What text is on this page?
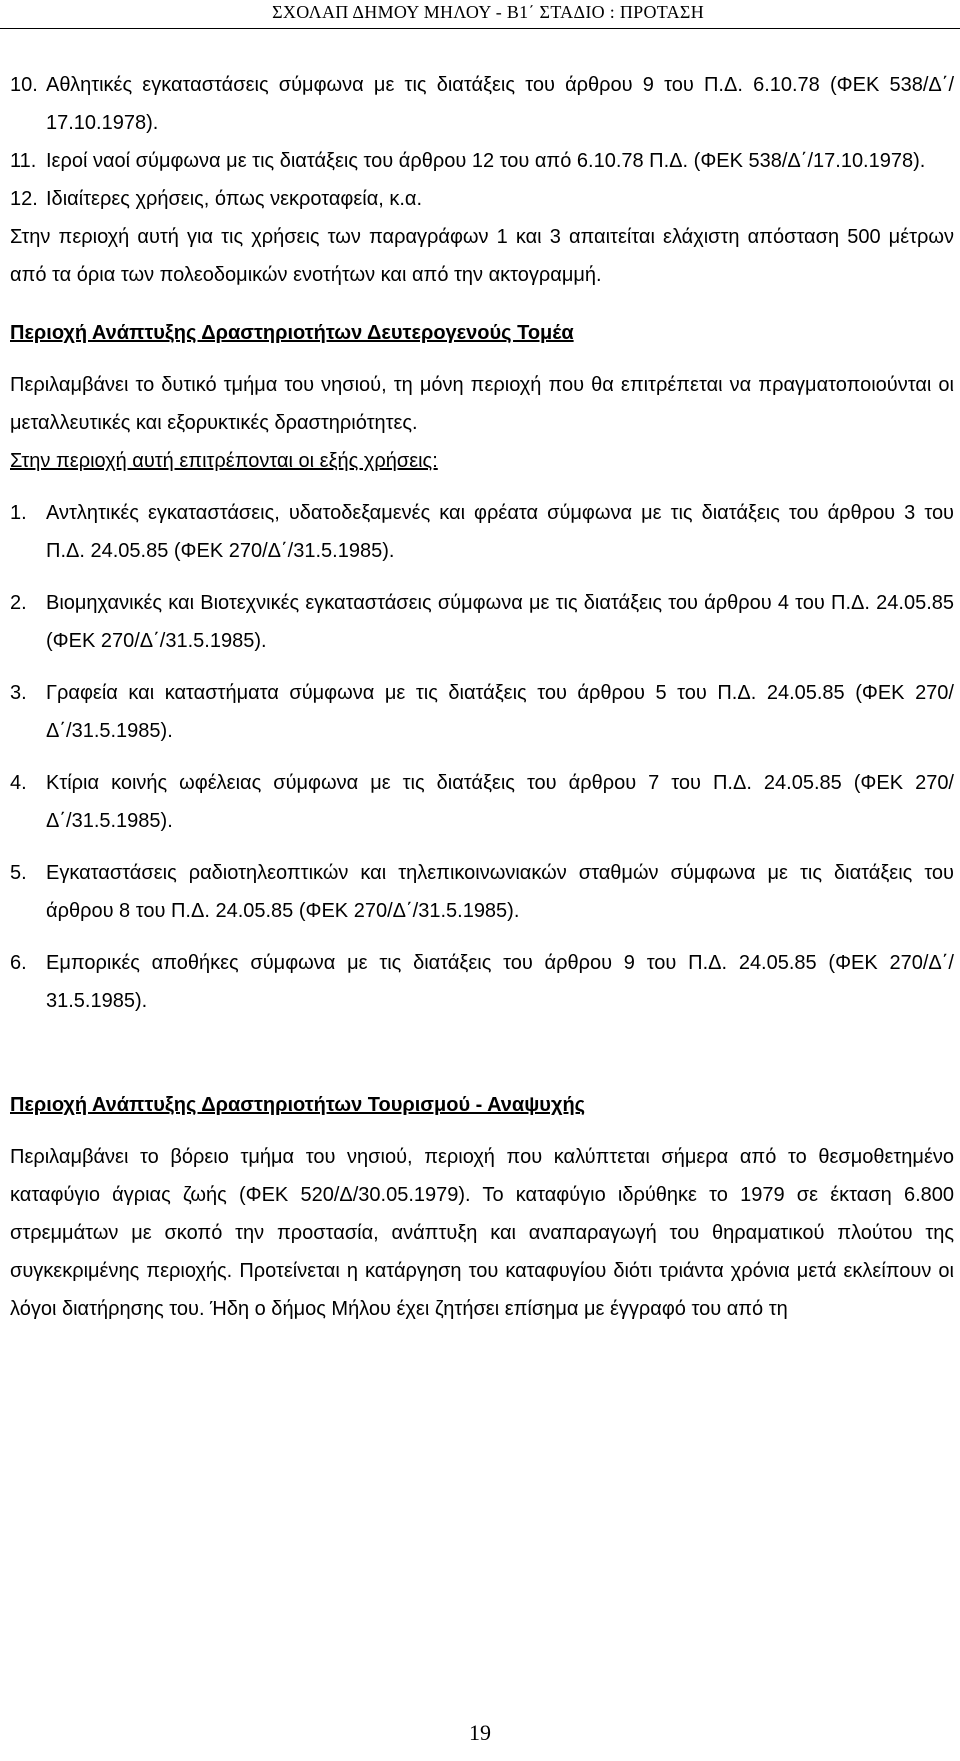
ΣΧΟΛΑΠ ΔΗΜΟΥ ΜΗΛΟΥ - Β1΄ ΣΤΑΔΙΟ : ΠΡΟΤΑΣΗ
10. Αθλητικές εγκαταστάσεις σύμφωνα με τις διατάξεις του άρθρου 9 του Π.Δ. 6.10.78 (ΦΕΚ 538/Δ΄/ 17.10.1978).
11. Ιεροί ναοί σύμφωνα με τις διατάξεις του άρθρου 12 του από 6.10.78 Π.Δ. (ΦΕΚ 538/Δ΄/17.10.1978).
12. Ιδιαίτερες χρήσεις, όπως νεκροταφεία, κ.α.

Στην περιοχή αυτή για τις χρήσεις των παραγράφων 1 και 3 απαιτείται ελάχιστη απόσταση 500 μέτρων από τα όρια των πολεοδομικών ενοτήτων και από την ακτογραμμή.

Περιοχή Ανάπτυξης Δραστηριοτήτων Δευτερογενούς Τομέα

Περιλαμβάνει το δυτικό τμήμα του νησιού, τη μόνη περιοχή που θα επιτρέπεται να πραγματοποιούνται οι μεταλλευτικές και εξορυκτικές δραστηριότητες.

Στην περιοχή αυτή επιτρέπονται οι εξής χρήσεις:

1. Αντλητικές εγκαταστάσεις, υδατοδεξαμενές και φρέατα σύμφωνα με τις διατάξεις του άρθρου 3 του Π.Δ. 24.05.85 (ΦΕΚ 270/Δ΄/31.5.1985).
2. Βιομηχανικές και Βιοτεχνικές εγκαταστάσεις σύμφωνα με τις διατάξεις του άρθρου 4 του Π.Δ. 24.05.85 (ΦΕΚ 270/Δ΄/31.5.1985).
3. Γραφεία και καταστήματα σύμφωνα με τις διατάξεις του άρθρου 5 του Π.Δ. 24.05.85 (ΦΕΚ 270/Δ΄/31.5.1985).
4. Κτίρια κοινής ωφέλειας σύμφωνα με τις διατάξεις του άρθρου 7 του Π.Δ. 24.05.85 (ΦΕΚ 270/Δ΄/31.5.1985).
5. Εγκαταστάσεις ραδιοτηλεοπτικών και τηλεπικοινωνιακών σταθμών σύμφωνα με τις διατάξεις του άρθρου 8 του Π.Δ. 24.05.85 (ΦΕΚ 270/Δ΄/31.5.1985).
6. Εμπορικές αποθήκες σύμφωνα με τις διατάξεις του άρθρου 9 του Π.Δ. 24.05.85 (ΦΕΚ 270/Δ΄/ 31.5.1985).

Περιοχή Ανάπτυξης Δραστηριοτήτων Τουρισμού - Αναψυχής

Περιλαμβάνει το βόρειο τμήμα του νησιού, περιοχή που καλύπτεται σήμερα από το θεσμοθετημένο καταφύγιο άγριας ζωής (ΦΕΚ 520/Δ/30.05.1979). Το καταφύγιο ιδρύθηκε το 1979 σε έκταση 6.800 στρεμμάτων με σκοπό την προστασία, ανάπτυξη και αναπαραγωγή του θηραματικού πλούτου της συγκεκριμένης περιοχής. Προτείνεται η κατάργηση του καταφυγίου διότι τριάντα χρόνια μετά εκλείπουν οι λόγοι διατήρησης του. Ήδη ο δήμος Μήλου έχει ζητήσει επίσημα με έγγραφό του από τη

19
